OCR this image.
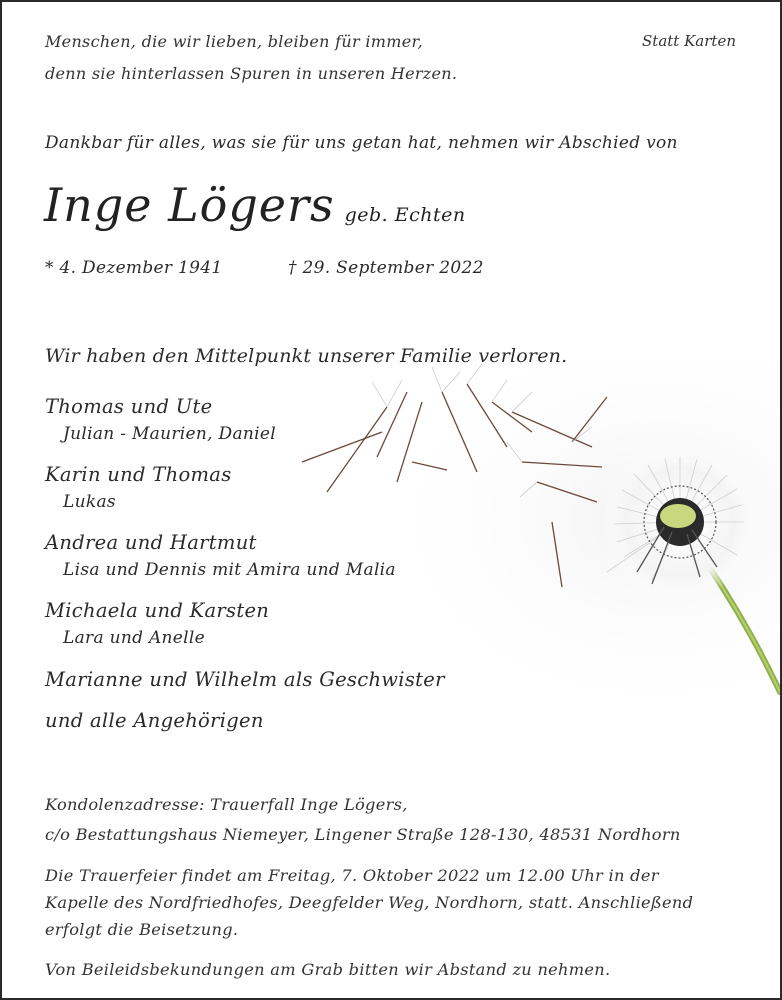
Menschen, die wir lieben, bleiben für immer,
denn sie hinterlassen Spuren in unseren Herzen.
Statt Karten
Dankbar für alles, was sie für uns getan hat, nehmen wir Abschied von
Inge Lögers geb. Echten
* 4. Dezember 1941	† 29. September 2022
Wir haben den Mittelpunkt unserer Familie verloren.
Thomas und Ute
Julian - Maurien, Daniel
Karin und Thomas
Lukas
Andrea und Hartmut
Lisa und Dennis mit Amira und Malia
Michaela und Karsten
Lara und Anelle
Marianne und Wilhelm als Geschwister
und alle Angehörigen
Kondolenzadresse: Trauerfall Inge Lögers,
c/o Bestattungshaus Niemeyer, Lingener Straße 128-130, 48531 Nordhorn
Die Trauerfeier findet am Freitag, 7. Oktober 2022 um 12.00 Uhr in der
Kapelle des Nordfriedhofes, Deegfelder Weg, Nordhorn, statt. Anschließend
erfolgt die Beisetzung.
Von Beileidsbekundungen am Grab bitten wir Abstand zu nehmen.
